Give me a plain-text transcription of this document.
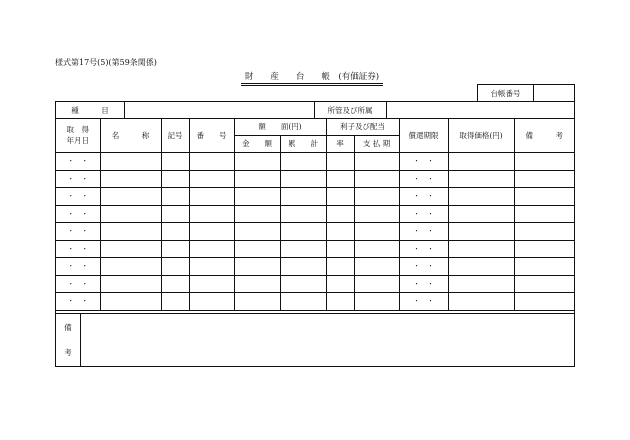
様式第17号(5)(第59条関係)
財　　産　　台　　帳　(有価証券)
台帳番号
種　　　目	所管及び所属
取　得
年月日	名　　　称	記号	番　　号	額　　面(円)		利子及び配当		償還期限	取得価格(円)	備　　　考
				金　　額	累　　計	率	支 払 期			
・　・								・　・		
・　・								・　・		
・　・								・　・		
・　・								・　・		
・　・								・　・		
・　・								・　・		
・　・								・　・		
・　・								・　・		
・　・								・　・		
備
考
